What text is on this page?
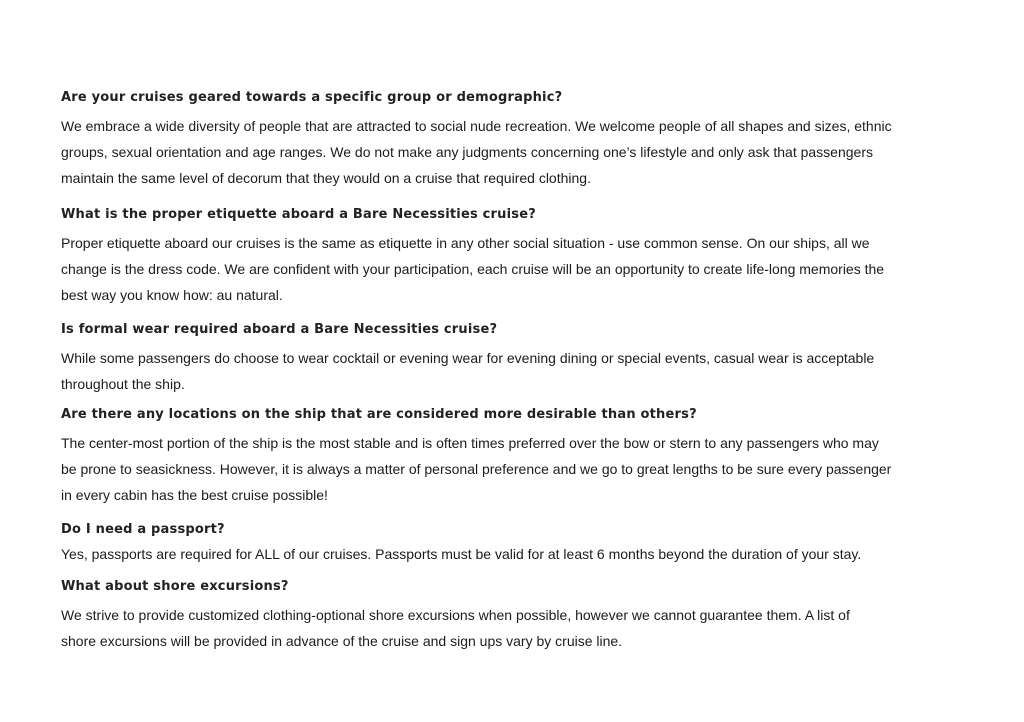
Are your cruises geared towards a specific group or demographic?
We embrace a wide diversity of people that are attracted to social nude recreation. We welcome people of all shapes and sizes, ethnic
groups, sexual orientation and age ranges. We do not make any judgments concerning one’s lifestyle and only ask that passengers
maintain the same level of decorum that they would on a cruise that required clothing.
What is the proper etiquette aboard a Bare Necessities cruise?
Proper etiquette aboard our cruises is the same as etiquette in any other social situation - use common sense. On our ships, all we
change is the dress code. We are confident with your participation, each cruise will be an opportunity to create life-long memories the
best way you know how: au natural.
Is formal wear required aboard a Bare Necessities cruise?
While some passengers do choose to wear cocktail or evening wear for evening dining or special events, casual wear is acceptable
throughout the ship.
Are there any locations on the ship that are considered more desirable than others?
The center-most portion of the ship is the most stable and is often times preferred over the bow or stern to any passengers who may
be prone to seasickness. However, it is always a matter of personal preference and we go to great lengths to be sure every passenger
in every cabin has the best cruise possible!
Do I need a passport?
Yes, passports are required for ALL of our cruises. Passports must be valid for at least 6 months beyond the duration of your stay.
What about shore excursions?
We strive to provide customized clothing-optional shore excursions when possible, however we cannot guarantee them. A list of
shore excursions will be provided in advance of the cruise and sign ups vary by cruise line.
